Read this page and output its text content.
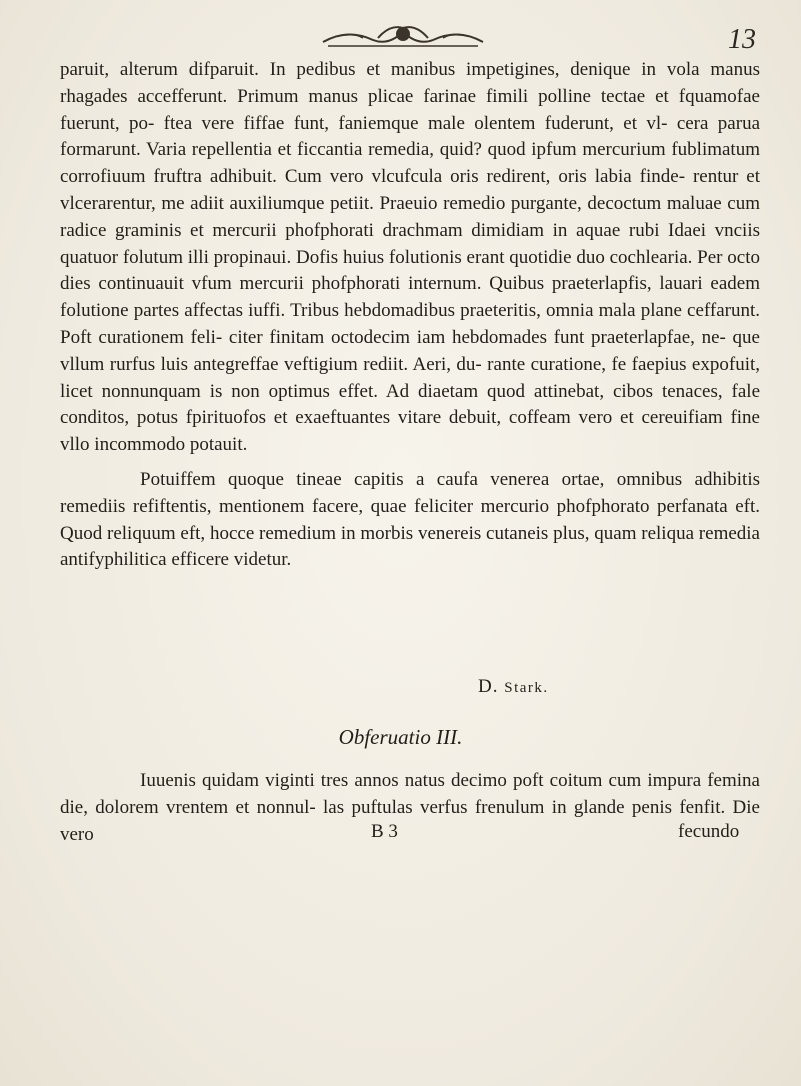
13

paruit, alterum difparuit. In pedibus et manibus impetigines, denique in vola manus rhagades accefferunt. Primum manus plicae farinae fimili polline tectae et fquamofae fuerunt, po- ftea vere fiffae funt, faniemque male olentem fuderunt, et vl- cera parua formarunt. Varia repellentia et ficcantia remedia, quid? quod ipfum mercurium fublimatum corrofiuum fruftra adhibuit. Cum vero vlcufcula oris redirent, oris labia finde- rentur et vlcerarentur, me adiit auxiliumque petiit. Praeuio remedio purgante, decoctum maluae cum radice graminis et mercurii phofphorati drachmam dimidiam in aquae rubi Idaei vnciis quatuor folutum illi propinaui. Dofis huius folutionis erant quotidie duo cochlearia. Per octo dies continuauit vfum mercurii phofphorati internum. Quibus praeterlapfis, lauari eadem folutione partes affectas iuffi. Tribus hebdomadibus praeteritis, omnia mala plane ceffarunt. Poft curationem feli- citer finitam octodecim iam hebdomades funt praeterlapfae, ne- que vllum rurfus luis antegreffae veftigium rediit. Aeri, du- rante curatione, fe faepius expofuit, licet nonnunquam is non optimus effet. Ad diaetam quod attinebat, cibos tenaces, fale conditos, potus fpirituofos et exaeftuantes vitare debuit, coffeam vero et cereuifiam fine vllo incommodo potauit.

Potuiffem quoque tineae capitis a caufa venerea ortae, omnibus adhibitis remediis refiftentis, mentionem facere, quae feliciter mercurio phofphorato perfanata eft. Quod reliquum eft, hocce remedium in morbis venereis cutaneis plus, quam reliqua remedia antifyphilitica efficere videtur.

D. Stark.
Obferuatio III.

Iuuenis quidam viginti tres annos natus decimo poft coitum cum impura femina die, dolorem vrentem et nonnul- las puftulas verfus frenulum in glande penis fenfit. Die vero	B 3	fecundo
